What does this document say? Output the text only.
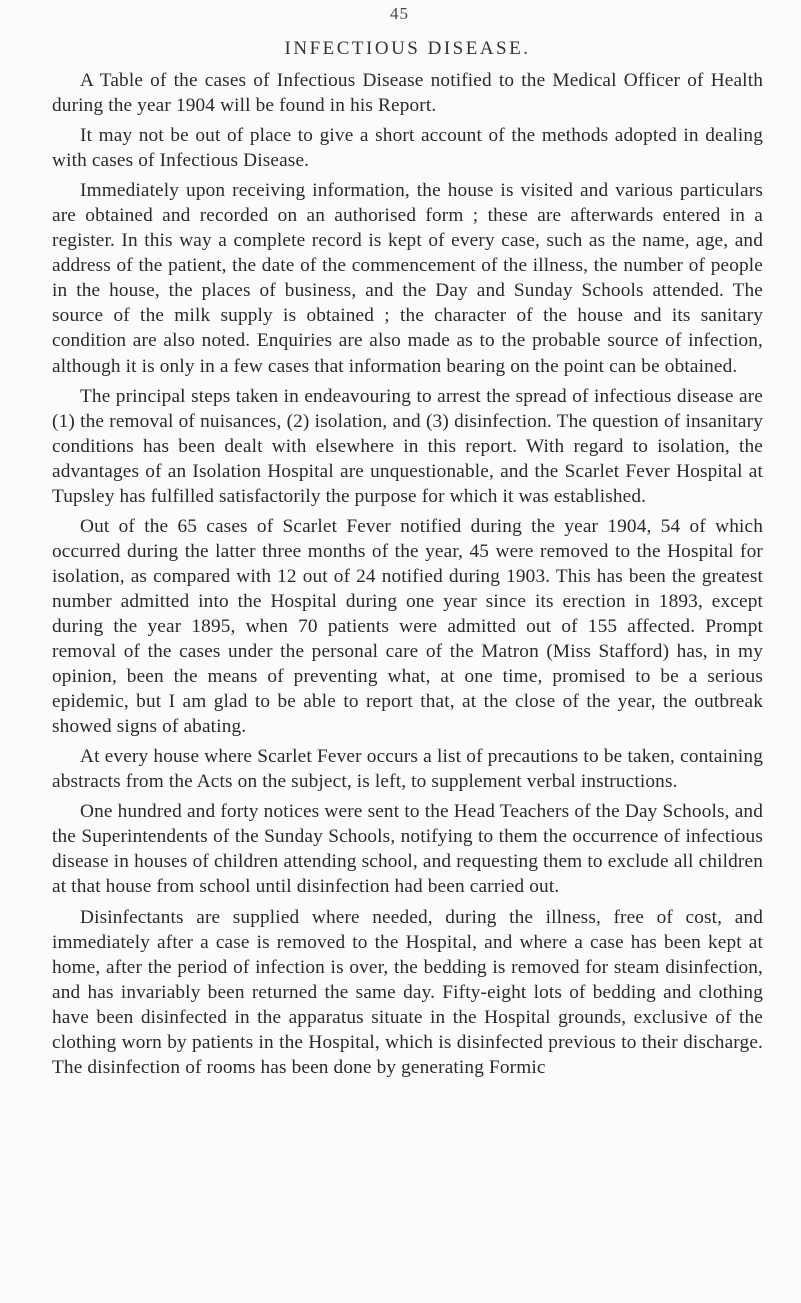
45
INFECTIOUS DISEASE.

A Table of the cases of Infectious Disease notified to the Medical Officer of Health during the year 1904 will be found in his Report.

It may not be out of place to give a short account of the methods adopted in dealing with cases of Infectious Disease.

Immediately upon receiving information, the house is visited and various particulars are obtained and recorded on an authorised form ; these are afterwards entered in a register. In this way a complete record is kept of every case, such as the name, age, and address of the patient, the date of the commencement of the illness, the number of people in the house, the places of business, and the Day and Sunday Schools attended. The source of the milk supply is obtained ; the character of the house and its sanitary condition are also noted. Enquiries are also made as to the probable source of infection, although it is only in a few cases that information bearing on the point can be obtained.

The principal steps taken in endeavouring to arrest the spread of infectious disease are (1) the removal of nuisances, (2) isolation, and (3) disinfection. The question of insanitary conditions has been dealt with elsewhere in this report. With regard to isolation, the advantages of an Isolation Hospital are unquestionable, and the Scarlet Fever Hospital at Tupsley has fulfilled satisfactorily the purpose for which it was established.

Out of the 65 cases of Scarlet Fever notified during the year 1904, 54 of which occurred during the latter three months of the year, 45 were removed to the Hospital for isolation, as compared with 12 out of 24 notified during 1903. This has been the greatest number admitted into the Hospital during one year since its erection in 1893, except during the year 1895, when 70 patients were admitted out of 155 affected. Prompt removal of the cases under the personal care of the Matron (Miss Stafford) has, in my opinion, been the means of preventing what, at one time, promised to be a serious epidemic, but I am glad to be able to report that, at the close of the year, the outbreak showed signs of abating.

At every house where Scarlet Fever occurs a list of precautions to be taken, containing abstracts from the Acts on the subject, is left, to supplement verbal instructions.

One hundred and forty notices were sent to the Head Teachers of the Day Schools, and the Superintendents of the Sunday Schools, notifying to them the occurrence of infectious disease in houses of children attending school, and requesting them to exclude all children at that house from school until disinfection had been carried out.

Disinfectants are supplied where needed, during the illness, free of cost, and immediately after a case is removed to the Hospital, and where a case has been kept at home, after the period of infection is over, the bedding is removed for steam disinfection, and has invariably been returned the same day. Fifty-eight lots of bedding and clothing have been disinfected in the apparatus situate in the Hospital grounds, exclusive of the clothing worn by patients in the Hospital, which is disinfected previous to their discharge. The disinfection of rooms has been done by generating Formic
